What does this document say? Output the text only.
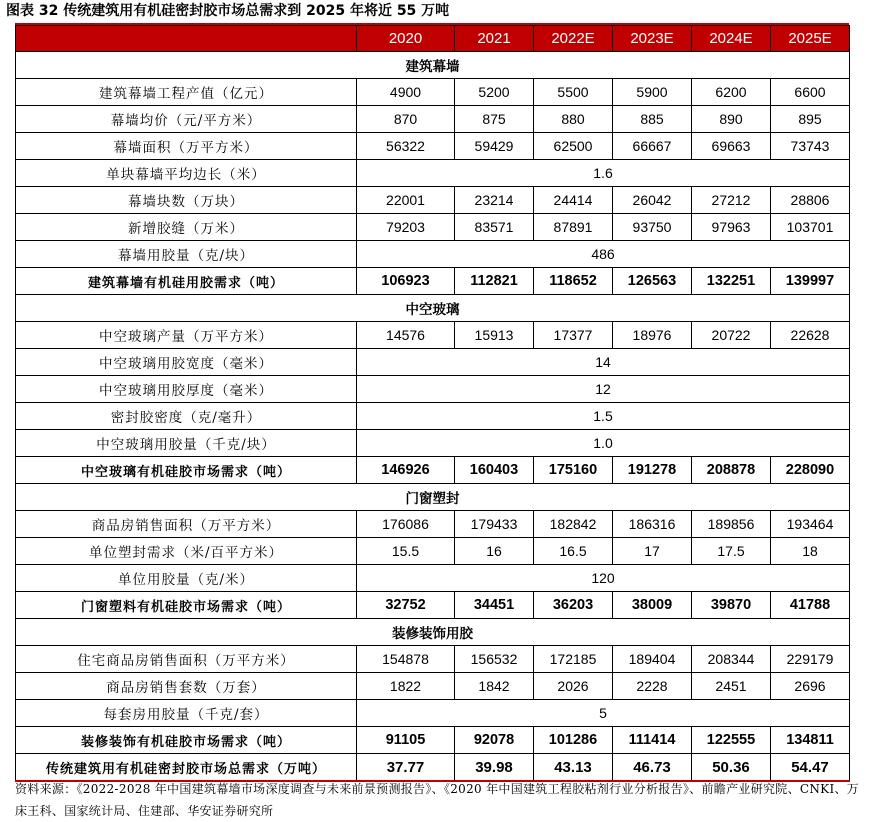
图表 32 传统建筑用有机硅密封胶市场总需求到 2025 年将近 55 万吨
	2020	2021	2022E	2023E	2024E	2025E
建筑幕墙						
建筑幕墙工程产值（亿元）	4900	5200	5500	5900	6200	6600
幕墙均价（元/平方米）	870	875	880	885	890	895
幕墙面积（万平方米）	56322	59429	62500	66667	69663	73743
单块幕墙平均边长（米）	1.6					
幕墙块数（万块）	22001	23214	24414	26042	27212	28806
新增胶缝（万米）	79203	83571	87891	93750	97963	103701
幕墙用胶量（克/块）	486					
建筑幕墙有机硅用胶需求（吨）	106923	112821	118652	126563	132251	139997
中空玻璃						
中空玻璃产量（万平方米）	14576	15913	17377	18976	20722	22628
中空玻璃用胶宽度（毫米）	14					
中空玻璃用胶厚度（毫米）	12					
密封胶密度（克/毫升）	1.5					
中空玻璃用胶量（千克/块）	1.0					
中空玻璃有机硅胶市场需求（吨）	146926	160403	175160	191278	208878	228090
门窗塑封						
商品房销售面积（万平方米）	176086	179433	182842	186316	189856	193464
单位塑封需求（米/百平方米）	15.5	16	16.5	17	17.5	18
单位用胶量（克/米）	120					
门窗塑料有机硅胶市场需求（吨）	32752	34451	36203	38009	39870	41788
装修装饰用胶						
住宅商品房销售面积（万平方米）	154878	156532	172185	189404	208344	229179
商品房销售套数（万套）	1822	1842	2026	2228	2451	2696
每套房用胶量（千克/套）	5					
装修装饰有机硅胶市场需求（吨）	91105	92078	101286	111414	122555	134811
传统建筑用有机硅密封胶市场总需求（万吨）	37.77	39.98	43.13	46.73	50.36	54.47
资料来源：《2022-2028 年中国建筑幕墙市场深度调查与未来前景预测报告》、《2020 年中国建筑工程胶粘剂行业分析报告》、前瞻产业研究院、CNKI、万床王科、国家统计局、住建部、华安证券研究所
